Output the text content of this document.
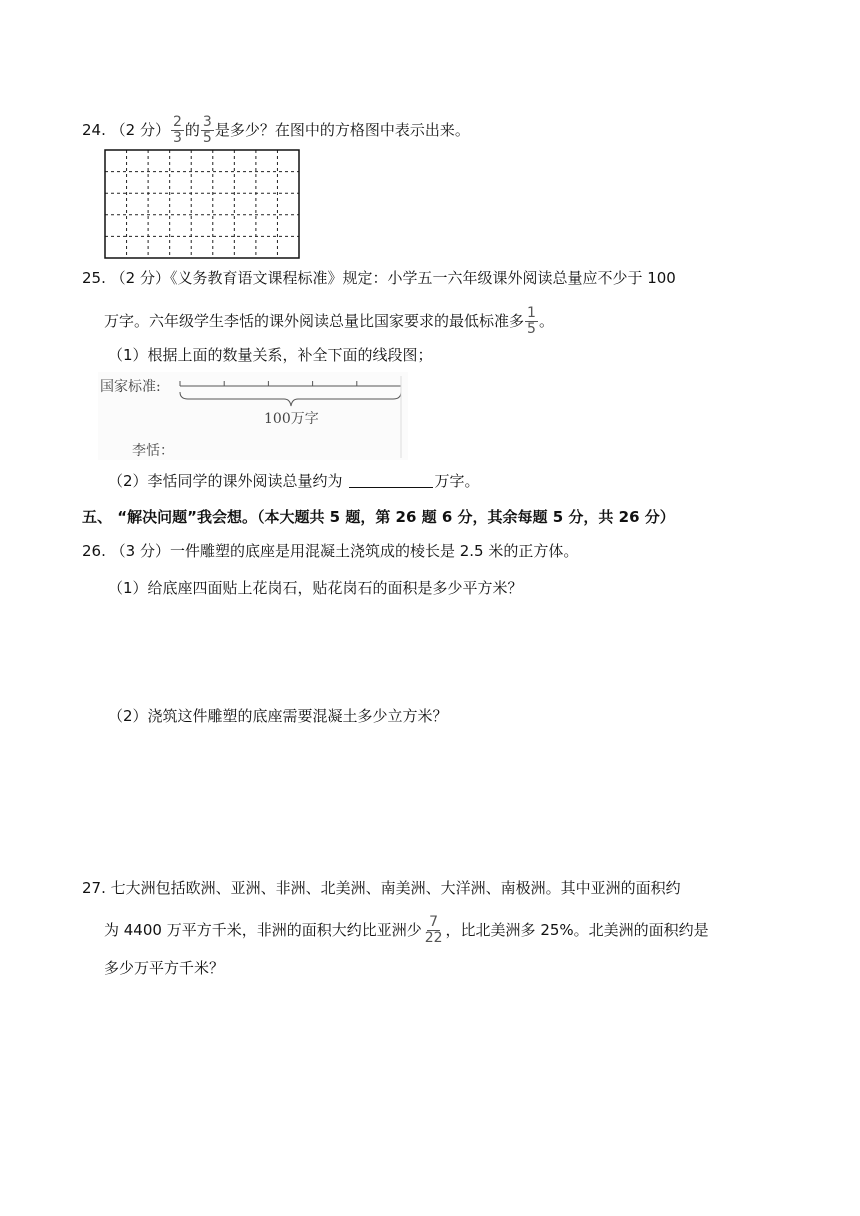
24. （2 分） $\frac{2}{3}$ 的 $\frac{3}{5}$ 是多少？在图中的方格图中表示出来。
25. （2 分）《义务教育语文课程标准》规定：小学五一六年级课外阅读总量应不少于 100
万字。六年级学生李恬的课外阅读总量比国家要求的最低标准多 $\frac{1}{5}$ 。
（1）根据上面的数量关系，补全下面的线段图；
国家标准:
100万字
李恬：
（2）李恬同学的课外阅读总量约为	万字。
五、 “解决问题”我会想。（本大题共 5 题，第 26 题 6 分，其余每题 5 分，共 26 分）
26. （3 分）一件雕塑的底座是用混凝土浇筑成的棱长是 2.5 米的正方体。
（1）给底座四面贴上花岗石，贴花岗石的面积是多少平方米？
（2）浇筑这件雕塑的底座需要混凝土多少立方米？
27. 七大洲包括欧洲、亚洲、非洲、北美洲、南美洲、大洋洲、南极洲。其中亚洲的面积约
为 4400 万平方千米，非洲的面积大约比亚洲少 $\frac{7}{22}$ ，比北美洲多 25%。北美洲的面积约是
多少万平方千米？
